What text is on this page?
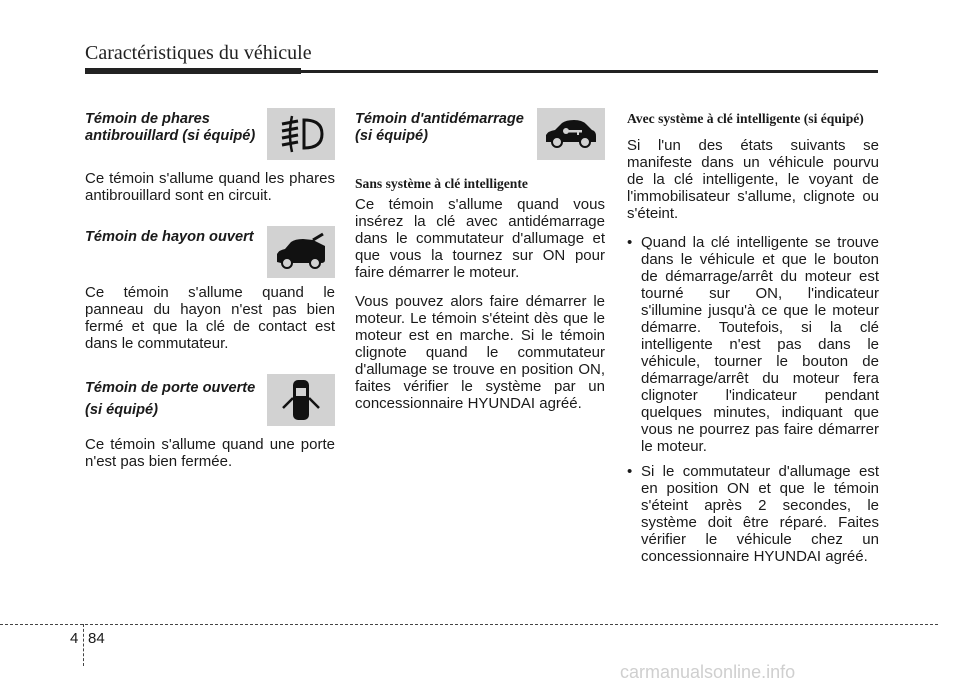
Caractéristiques du véhicule

Témoin de phares antibrouillard (si équipé)

Ce témoin s'allume quand les phares antibrouillard sont en circuit.

Témoin de hayon ouvert

Ce témoin s'allume quand le panneau du hayon n'est pas bien fermé et que la clé de contact est dans le commutateur.

Témoin de porte ouverte (si équipé)

Ce témoin s'allume quand une porte n'est pas bien fermée.

Témoin d'antidémarrage (si équipé)

Sans système à clé intelligente

Ce témoin s'allume quand vous insérez la clé avec antidémarrage dans le commutateur d'allumage et que vous la tournez sur ON pour faire démarrer le moteur.

Vous pouvez alors faire démarrer le moteur. Le témoin s'éteint dès que le moteur est en marche. Si le témoin clignote quand le commutateur d'allumage se trouve en position ON, faites vérifier le système par un concessionnaire HYUNDAI agréé.

Avec système à clé intelligente (si équipé)

Si l'un des états suivants se manifeste dans un véhicule pourvu de la clé intelligente, le voyant de l'immobilisateur s'allume, clignote ou s'éteint.

• Quand la clé intelligente se trouve dans le véhicule et que le bouton de démarrage/arrêt du moteur est tourné sur ON, l'indicateur s'illumine jusqu'à ce que le moteur démarre. Toutefois, si la clé intelligente n'est pas dans le véhicule, tourner le bouton de démarrage/arrêt du moteur fera clignoter l'indicateur pendant quelques minutes, indiquant que vous ne pourrez pas faire démarrer le moteur.
• Si le commutateur d'allumage est en position ON et que le témoin s'éteint après 2 secondes, le système doit être réparé. Faites vérifier le véhicule chez un concessionnaire HYUNDAI agréé.
4 84
carmanualsonline.info
